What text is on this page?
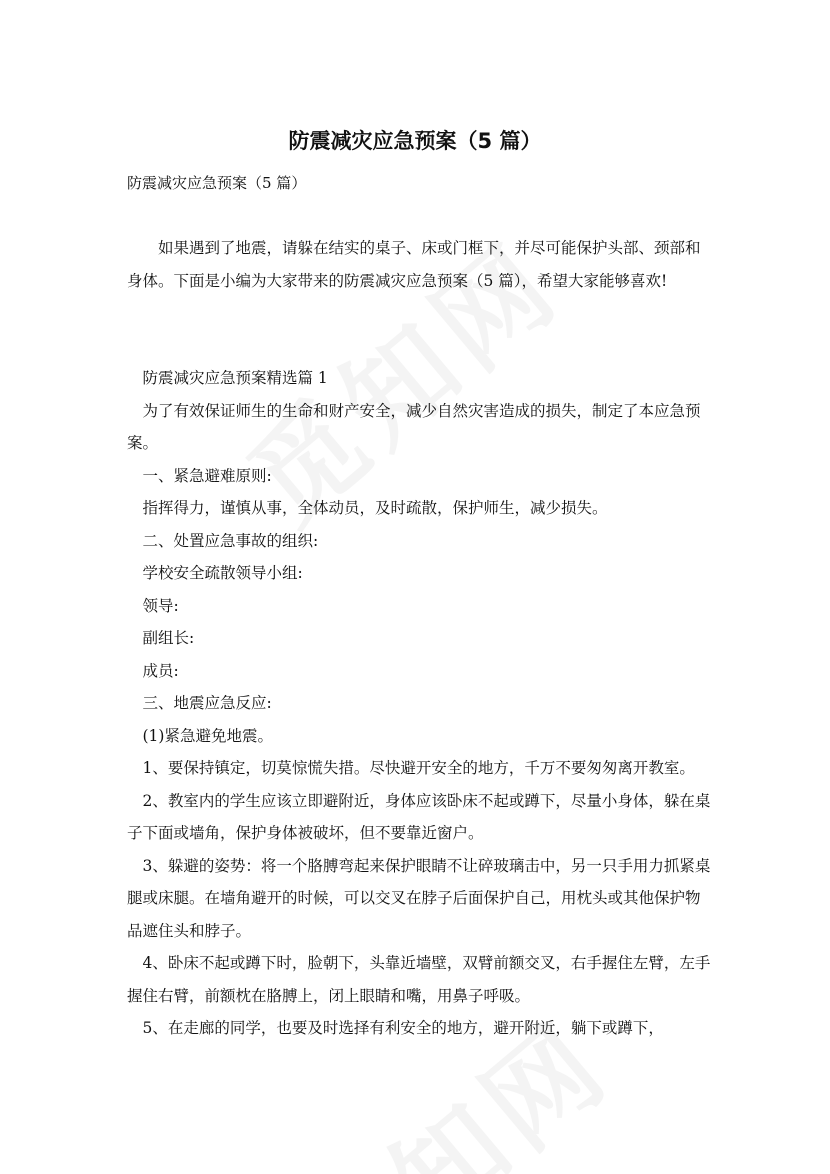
防震减灾应急预案（5 篇）
防震减灾应急预案（5 篇）

如果遇到了地震，请躲在结实的桌子、床或门框下，并尽可能保护头部、颈部和身体。下面是小编为大家带来的防震减灾应急预案（5 篇），希望大家能够喜欢!

防震减灾应急预案精选篇 1

为了有效保证师生的生命和财产安全，减少自然灾害造成的损失，制定了本应急预案。

一、紧急避难原则:

指挥得力，谨慎从事，全体动员，及时疏散，保护师生，减少损失。

二、处置应急事故的组织:

学校安全疏散领导小组:

领导:

副组长:

成员:

三、地震应急反应:

(1)紧急避免地震。

1、要保持镇定，切莫惊慌失措。尽快避开安全的地方，千万不要匆匆离开教室。

2、教室内的学生应该立即避附近，身体应该卧床不起或蹲下，尽量小身体，躲在桌子下面或墙角，保护身体被破坏，但不要靠近窗户。

3、躲避的姿势：将一个胳膊弯起来保护眼睛不让碎玻璃击中，另一只手用力抓紧桌腿或床腿。在墙角避开的时候，可以交叉在脖子后面保护自己，用枕头或其他保护物品遮住头和脖子。

4、卧床不起或蹲下时，脸朝下，头靠近墙壁，双臂前额交叉，右手握住左臂，左手握住右臂，前额枕在胳膊上，闭上眼睛和嘴，用鼻子呼吸。

5、在走廊的同学，也要及时选择有利安全的地方，避开附近，躺下或蹲下，
